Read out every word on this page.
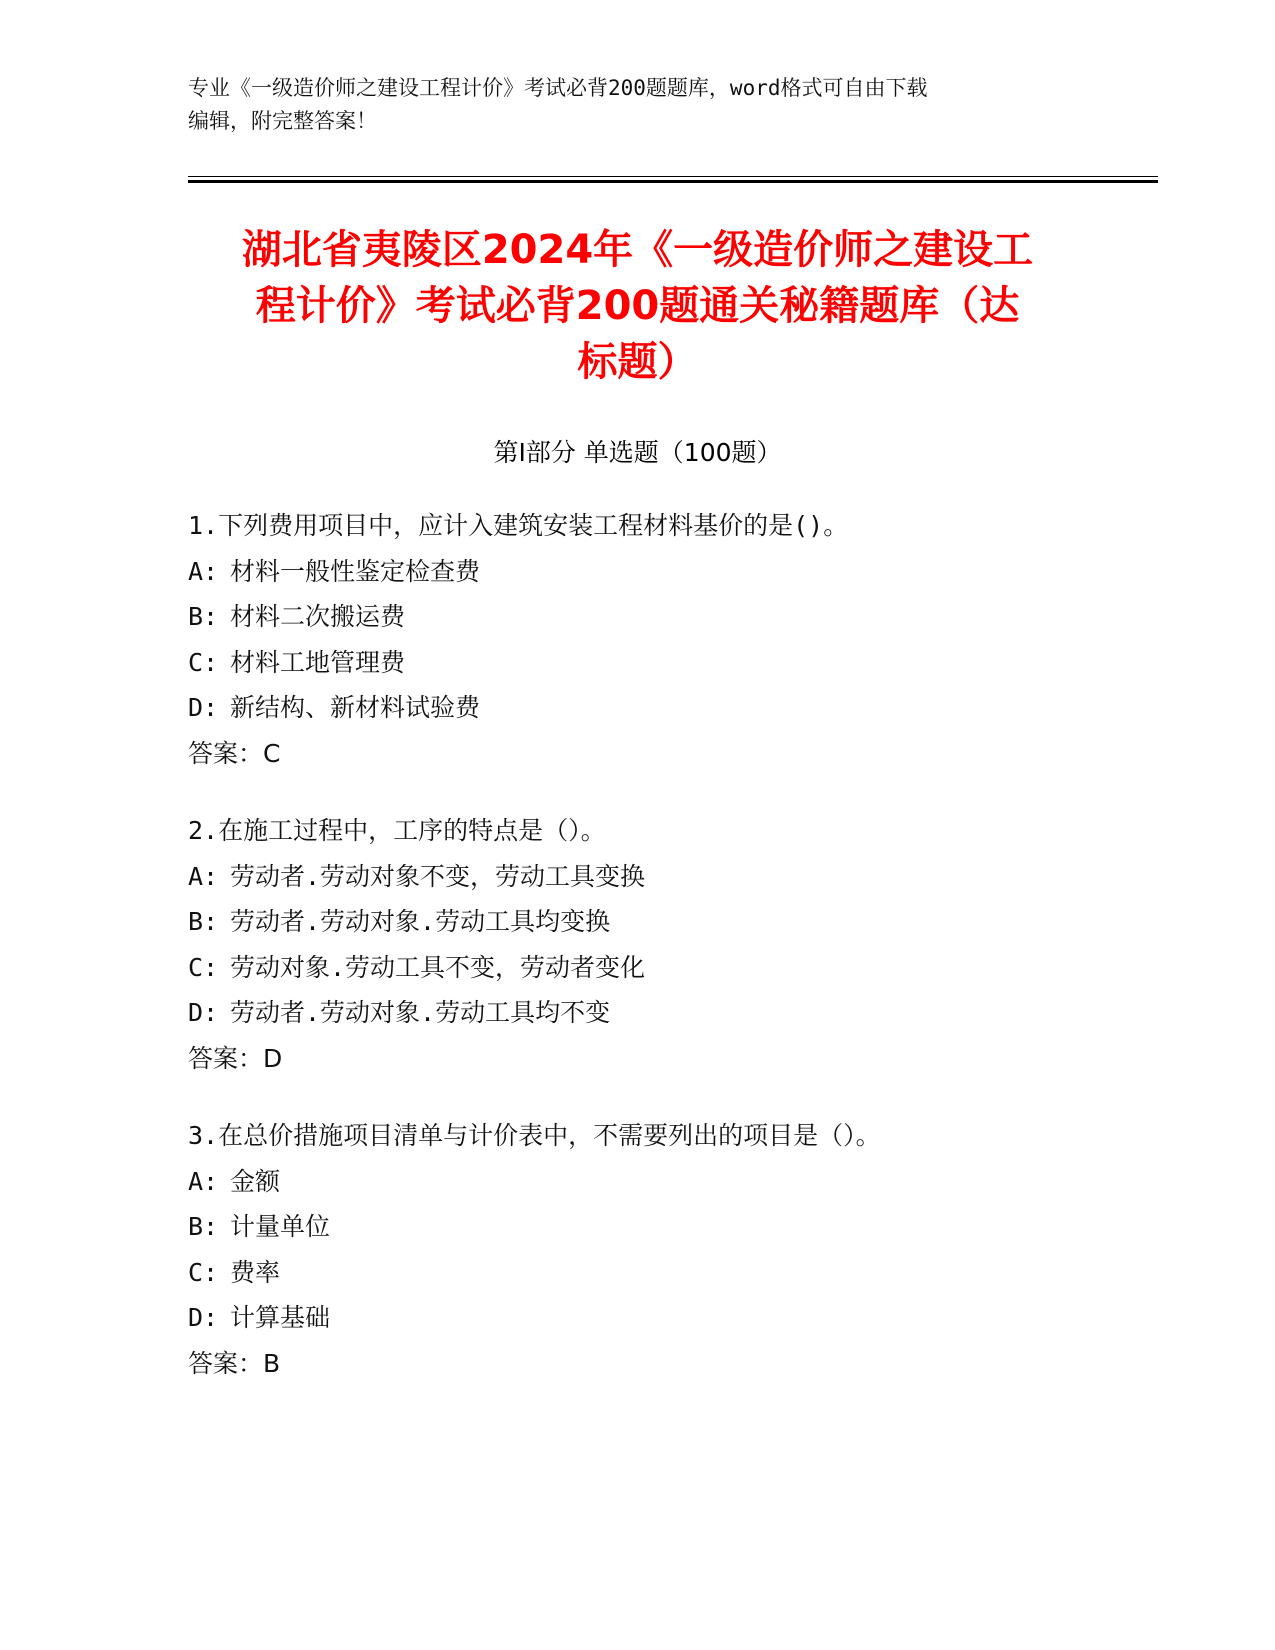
专业《一级造价师之建设工程计价》考试必背200题题库，word格式可自由下载
编辑，附完整答案！
湖北省夷陵区2024年《一级造价师之建设工
程计价》考试必背200题通关秘籍题库（达
标题）
第Ⅰ部分 单选题（100题）
1.下列费用项目中，应计入建筑安装工程材料基价的是()。
A: 材料一般性鉴定检查费
B: 材料二次搬运费
C: 材料工地管理费
D: 新结构、新材料试验费
答案：C
2.在施工过程中，工序的特点是（）。
A: 劳动者.劳动对象不变，劳动工具变换
B: 劳动者.劳动对象.劳动工具均变换
C: 劳动对象.劳动工具不变，劳动者变化
D: 劳动者.劳动对象.劳动工具均不变
答案：D
3.在总价措施项目清单与计价表中，不需要列出的项目是（）。
A: 金额
B: 计量单位
C: 费率
D: 计算基础
答案：B
